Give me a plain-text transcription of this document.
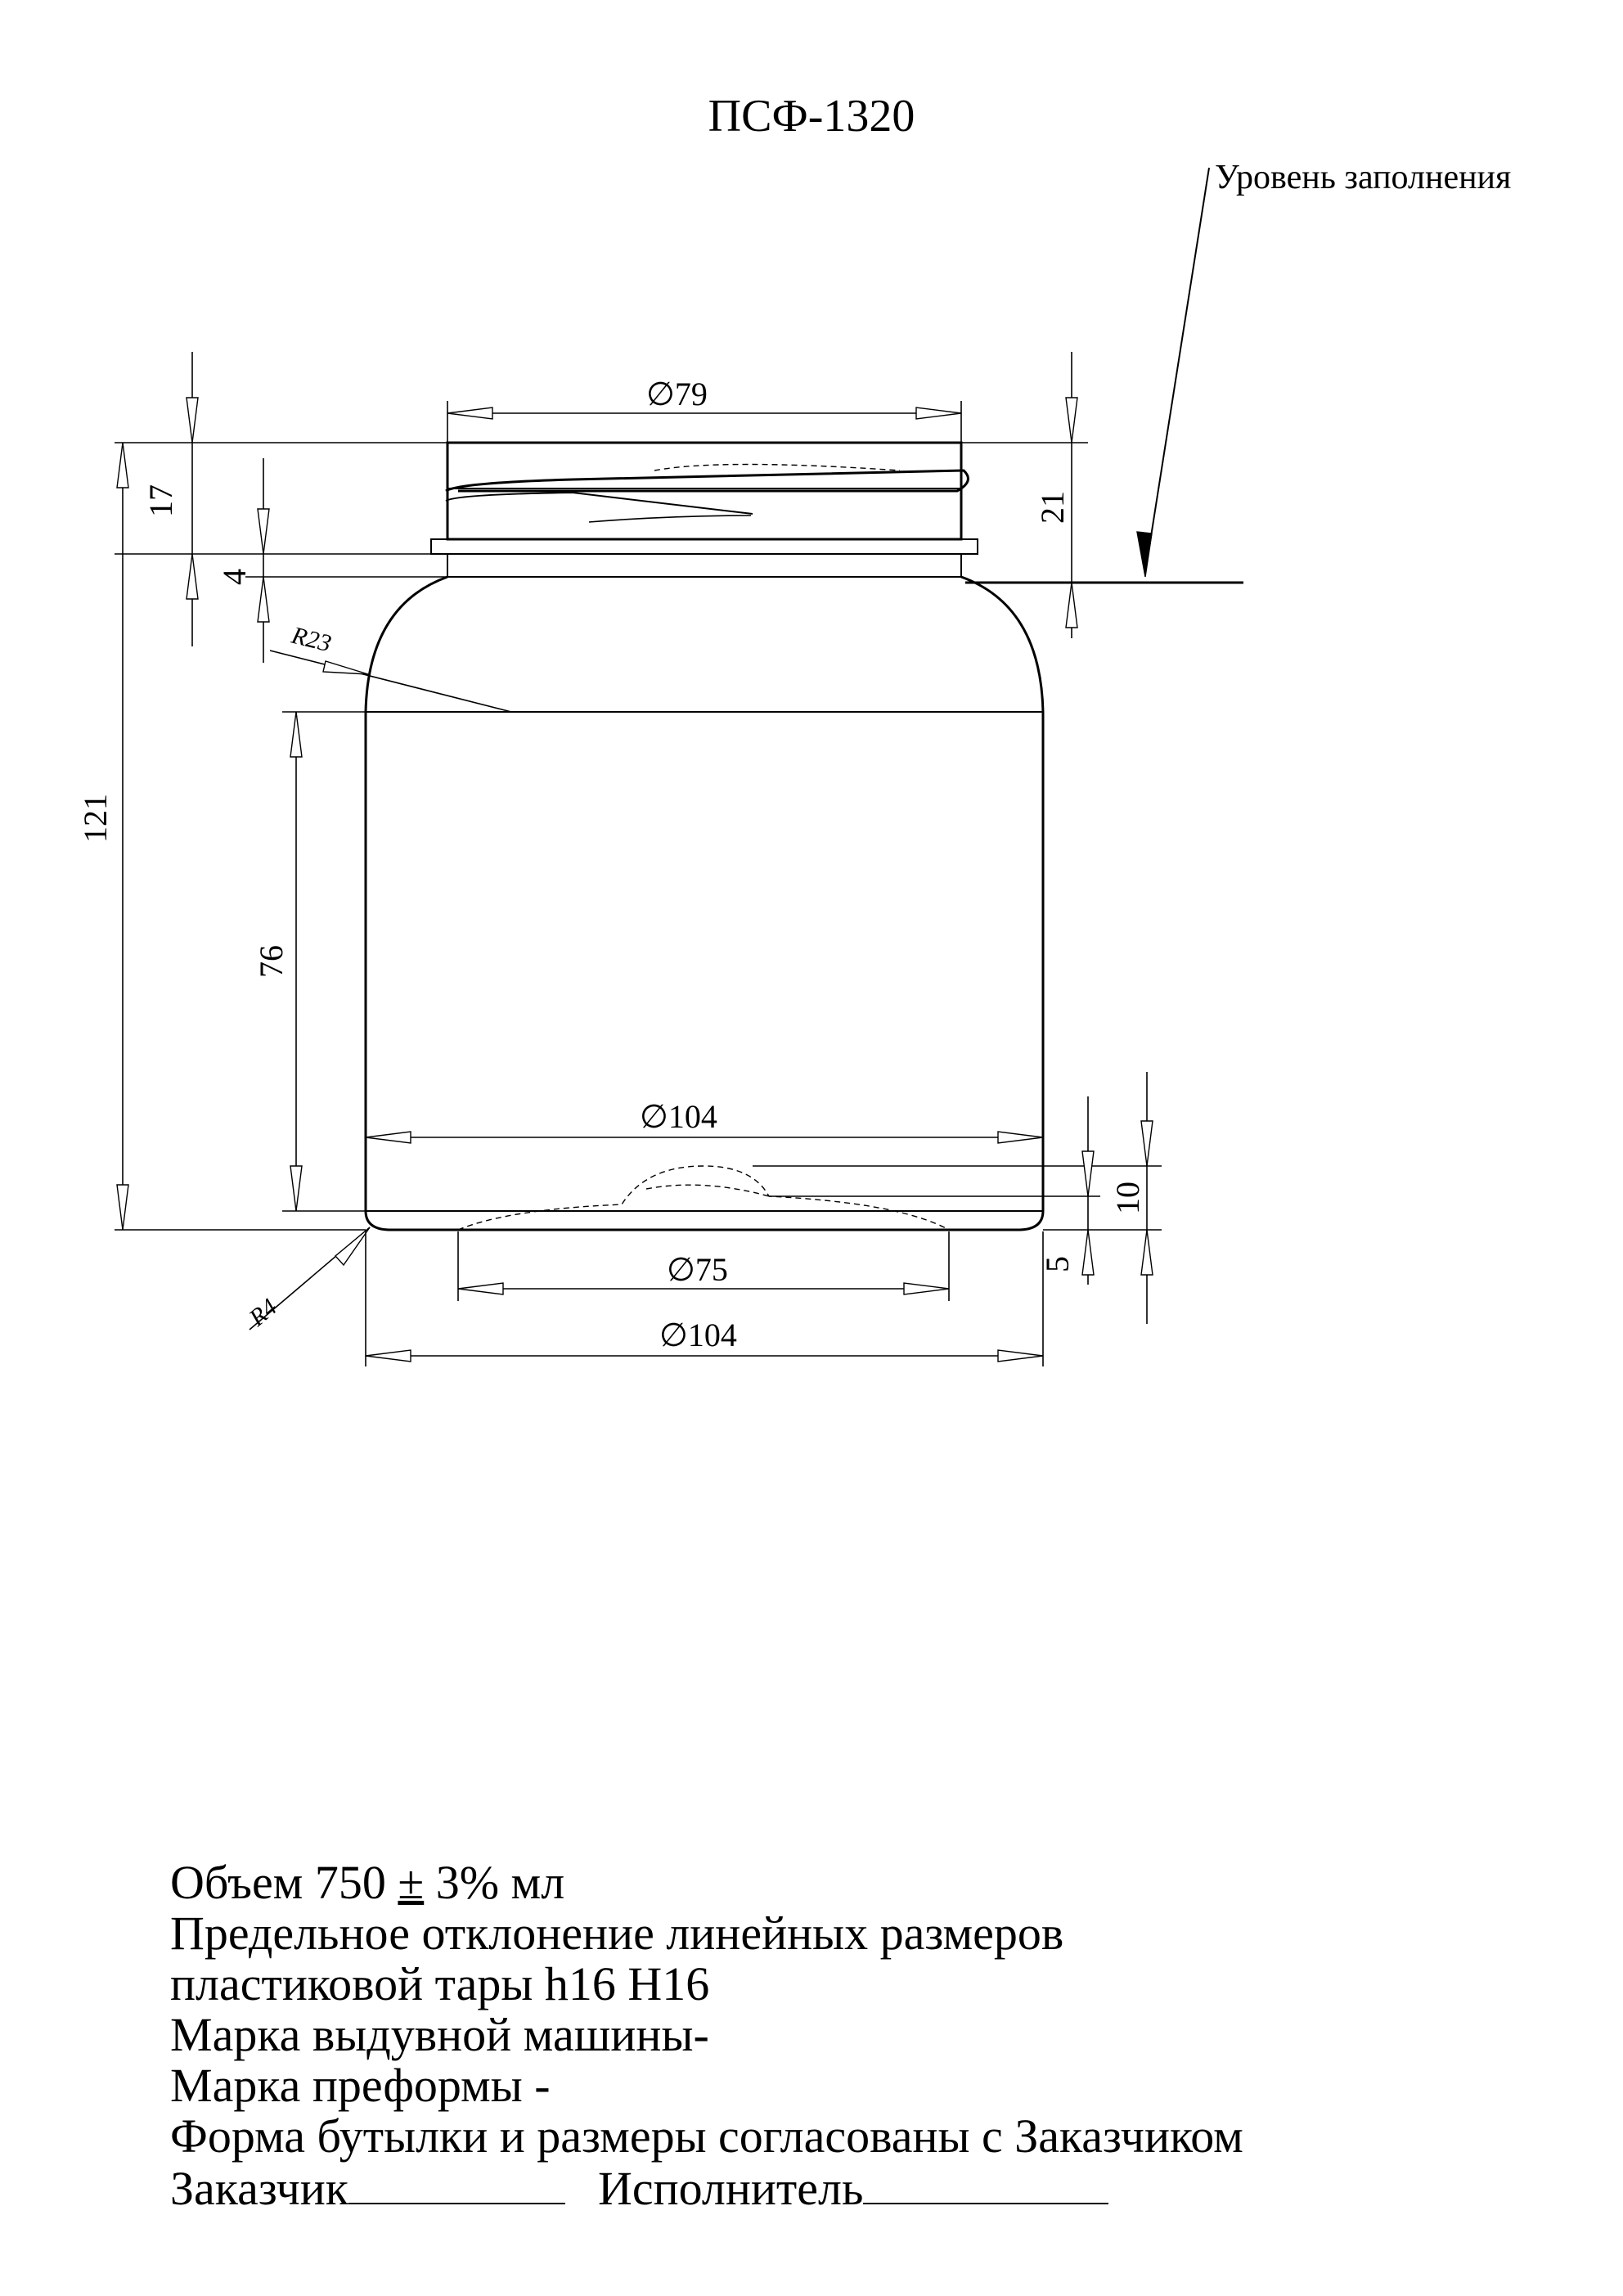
ПСФ-1320
Уровень заполнения
∅79
21
17
4
121
76
R23
R4
∅104
∅75
∅104
10
5
Объем 750 ± 3% мл
Предельное отклонение линейных размеров
пластиковой тары h16 H16
Марка выдувной машины-
Марка преформы -
Форма бутылки и размеры согласованы с Заказчиком
Заказчик	Исполнитель
